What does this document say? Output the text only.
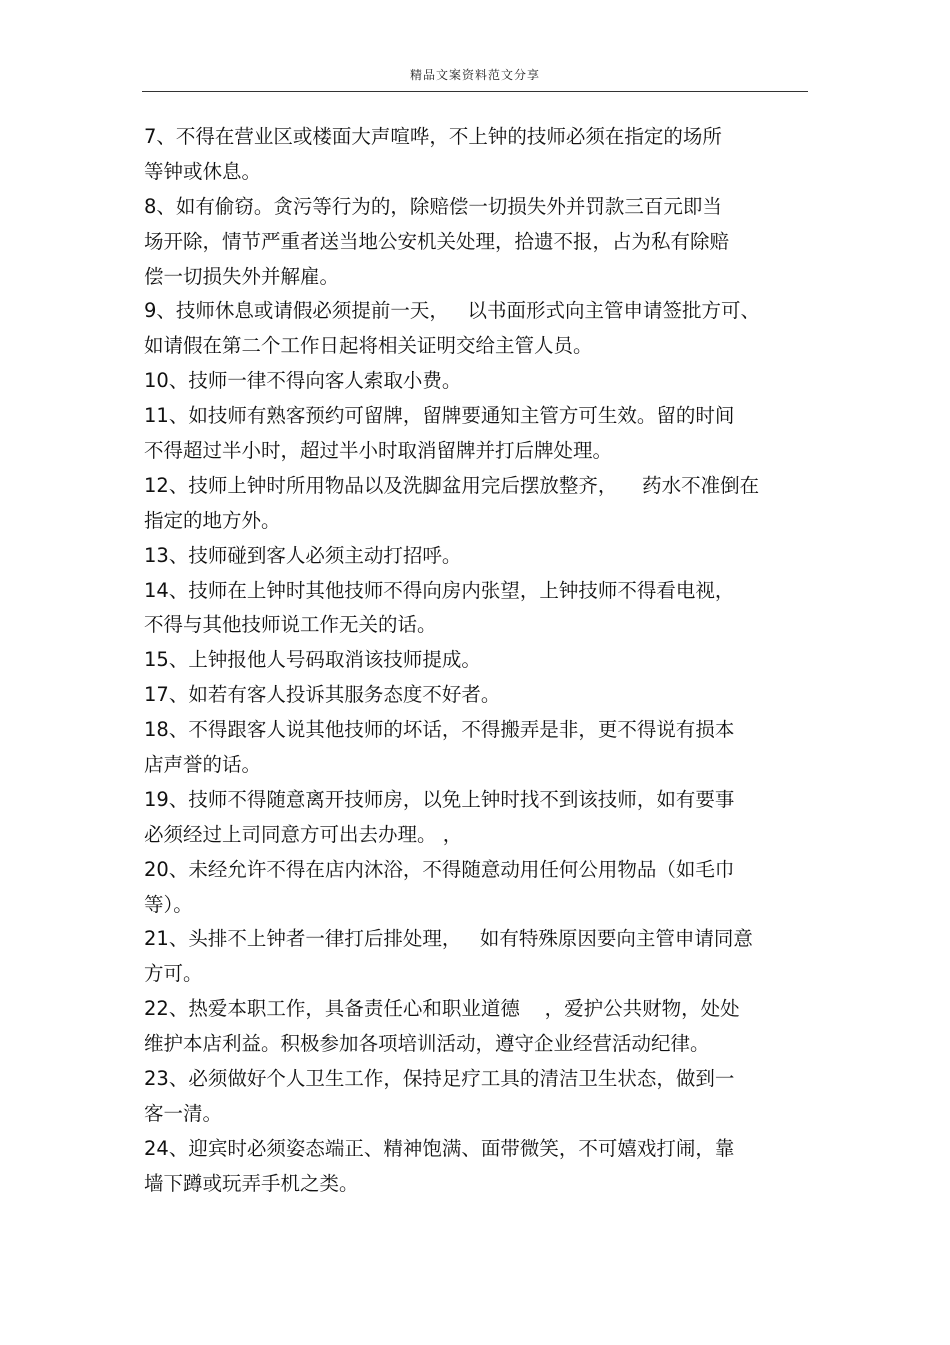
精品文案资料范文分享
7、不得在营业区或楼面大声喧哗，不上钟的技师必须在指定的场所
等钟或休息。
8、如有偷窃。贪污等行为的，除赔偿一切损失外并罚款三百元即当
场开除，情节严重者送当地公安机关处理，拾遗不报，占为私有除赔
偿一切损失外并解雇。
9、技师休息或请假必须提前一天，   以书面形式向主管申请签批方可、
如请假在第二个工作日起将相关证明交给主管人员。
10、技师一律不得向客人索取小费。
11、如技师有熟客预约可留牌，留牌要通知主管方可生效。留的时间
不得超过半小时，超过半小时取消留牌并打后牌处理。
12、技师上钟时所用物品以及洗脚盆用完后摆放整齐，    药水不准倒在
指定的地方外。
13、技师碰到客人必须主动打招呼。
14、技师在上钟时其他技师不得向房内张望，上钟技师不得看电视，
不得与其他技师说工作无关的话。
15、上钟报他人号码取消该技师提成。
17、如若有客人投诉其服务态度不好者。
18、不得跟客人说其他技师的坏话，不得搬弄是非，更不得说有损本
店声誉的话。
19、技师不得随意离开技师房，以免上钟时找不到该技师，如有要事
必须经过上司同意方可出去办理。 ，
20、未经允许不得在店内沐浴，不得随意动用任何公用物品（如毛巾
等）。
21、头排不上钟者一律打后排处理，   如有特殊原因要向主管申请同意
方可。
22、热爱本职工作，具备责任心和职业道德    ，爱护公共财物，处处
维护本店利益。积极参加各项培训活动，遵守企业经营活动纪律。
23、必须做好个人卫生工作，保持足疗工具的清洁卫生状态，做到一
客一清。
24、迎宾时必须姿态端正、精神饱满、面带微笑，不可嬉戏打闹，靠
墙下蹲或玩弄手机之类。
